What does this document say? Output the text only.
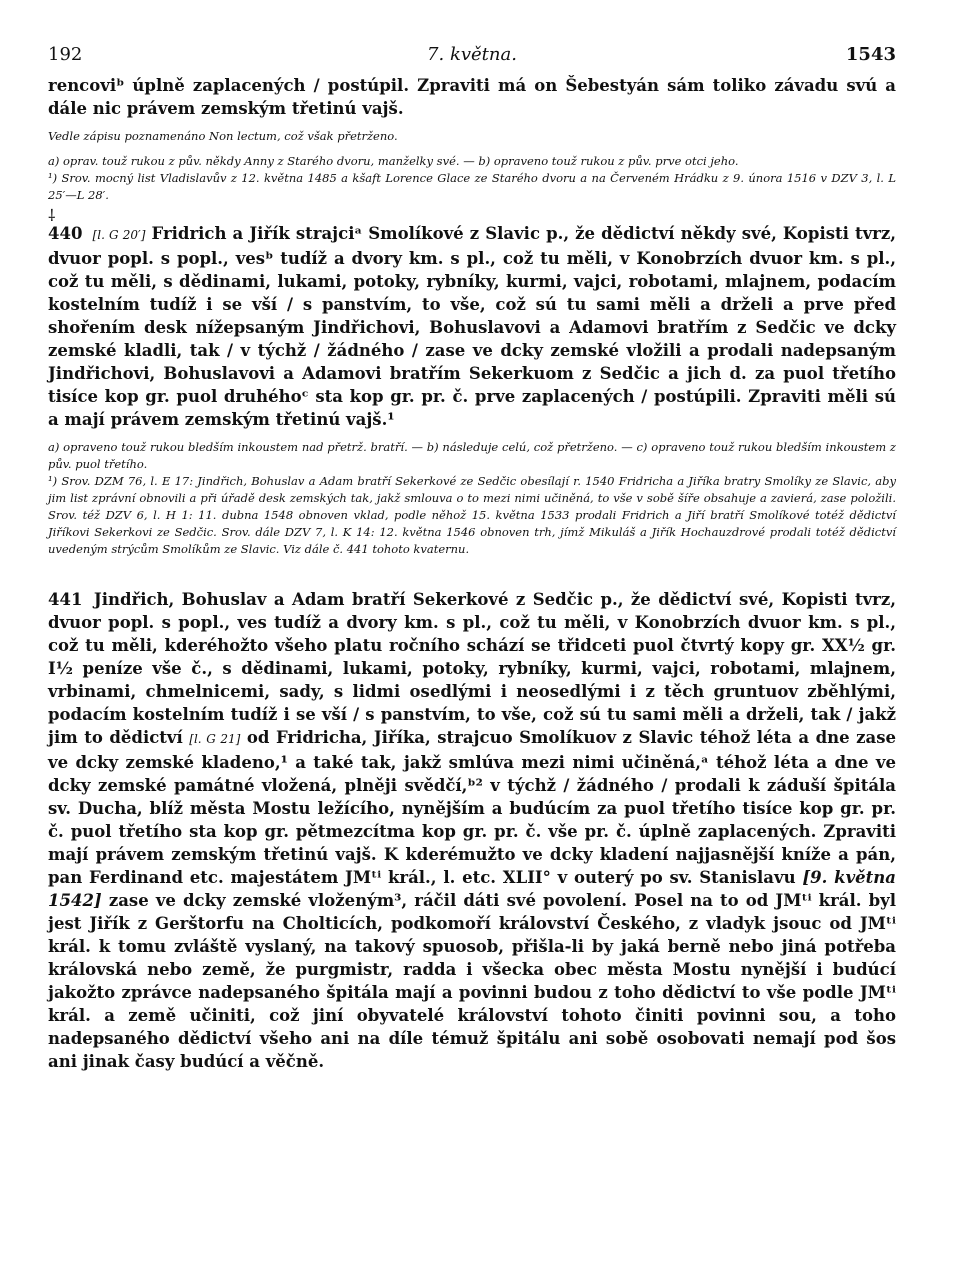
192	7. května.	1543

rencoviᵇ úplně zaplacených / postúpil. Zpraviti má on Šebestyán sám toliko závadu svú a dále nic právem zemským třetinú vajš.

Vedle zápisu poznamenáno Non lectum, což však přetrženo.

a) oprav. touž rukou z pův. někdy Anny z Starého dvoru, manželky své. — b) opraveno touž rukou z pův. prve otci jeho.

¹) Srov. mocný list Vladislavův z 12. května 1485 a kšaft Lorence Glace ze Starého dvoru a na Červeném Hrádku z 9. února 1516 v DZV 3, l. L 25′—L 28′.

⸸

440 [l. G 20′] Fridrich a Jiřík strajciᵃ Smolíkové z Slavic p., že dědictví někdy své, Kopisti tvrz, dvuor popl. s popl., vesᵇ tudíž a dvory km. s pl., což tu měli, v Konobrzích dvuor km. s pl., což tu měli, s dědinami, lukami, potoky, rybníky, kurmi, vajci, robotami, mlajnem, podacím kostelním tudíž i se vší / s panstvím, to vše, což sú tu sami měli a drželi a prve před shořením desk nížepsaným Jindřichovi, Bohuslavovi a Adamovi bratřím z Sedčic ve dcky zemské kladli, tak / v týchž / žádného / zase ve dcky zemské vložili a prodali nadepsaným Jindřichovi, Bohuslavovi a Adamovi bratřím Sekerkuom z Sedčic a jich d. za puol třetího tisíce kop gr. puol druhéhoᶜ sta kop gr. pr. č. prve zaplacených / postúpili. Zpraviti měli sú a mají právem zemským třetinú vajš.¹

a) opraveno touž rukou bledším inkoustem nad přetrž. bratří. — b) následuje celú, což přetrženo. — c) opraveno touž rukou bledším inkoustem z pův. puol třetího.

¹) Srov. DZM 76, l. E 17: Jindřich, Bohuslav a Adam bratří Sekerkové ze Sedčic obesílají r. 1540 Fridricha a Jiříka bratry Smolíky ze Slavic, aby jim list zprávní obnovili a při úřadě desk zemských tak, jakž smlouva o to mezi nimi učiněná, to vše v sobě šíře obsahuje a zavierá, zase položili. Srov. též DZV 6, l. H 1: 11. dubna 1548 obnoven vklad, podle něhož 15. května 1533 prodali Fridrich a Jiří bratří Smolíkové totéž dědictví Jiříkovi Sekerkovi ze Sedčic. Srov. dále DZV 7, l. K 14: 12. května 1546 obnoven trh, jímž Mikuláš a Jiřík Hochauzdrové prodali totéž dědictví uvedeným strýcům Smolíkům ze Slavic. Viz dále č. 441 tohoto kvaternu.

441 Jindřich, Bohuslav a Adam bratří Sekerkové z Sedčic p., že dědictví své, Kopisti tvrz, dvuor popl. s popl., ves tudíž a dvory km. s pl., což tu měli, v Konobrzích dvuor km. s pl., což tu měli, kderéhožto všeho platu ročního schází se třidceti puol čtvrtý kopy gr. XX½ gr. I½ peníze vše č., s dědinami, lukami, potoky, rybníky, kurmi, vajci, robotami, mlajnem, vrbinami, chmelnicemi, sady, s lidmi osedlými i neosedlými i z těch gruntuov zběhlými, podacím kostelním tudíž i se vší / s panstvím, to vše, což sú tu sami měli a drželi, tak / jakž jim to dědictví [l. G 21] od Fridricha, Jiříka, strajcuo Smolíkuov z Slavic téhož léta a dne zase ve dcky zemské kladeno,¹ a také tak, jakž smlúva mezi nimi učiněná,ᵃ téhož léta a dne ve dcky zemské památné vložená, plněji svědčí,ᵇ² v týchž / žádného / prodali k záduší špitála sv. Ducha, blíž města Mostu ležícího, nynějším a budúcím za puol třetího tisíce kop gr. pr. č. puol třetího sta kop gr. pětmezcítma kop gr. pr. č. vše pr. č. úplně zaplacených. Zpraviti mají právem zemským třetinú vajš. K kderémužto ve dcky kladení najjasnější kníže a pán, pan Ferdinand etc. majestátem JMᵗⁱ král., l. etc. XLII° v outerý po sv. Stanislavu [9. května 1542] zase ve dcky zemské vloženým³, ráčil dáti své povolení. Posel na to od JMᵗⁱ král. byl jest Jiřík z Gerštorfu na Cholticích, podkomoří království Českého, z vladyk jsouc od JMᵗⁱ král. k tomu zvláště vyslaný, na takový spuosob, přišla-li by jaká berně nebo jiná potřeba královská nebo země, že purgmistr, radda i všecka obec města Mostu nynější i budúcí jakožto zprávce nadepsaného špitála mají a povinni budou z toho dědictví to vše podle JMᵗⁱ král. a země učiniti, což jiní obyvatelé království tohoto činiti povinni sou, a toho nadepsaného dědictví všeho ani na díle témuž špitálu ani sobě osobovati nemají pod šos ani jinak časy budúcí a věčně.
